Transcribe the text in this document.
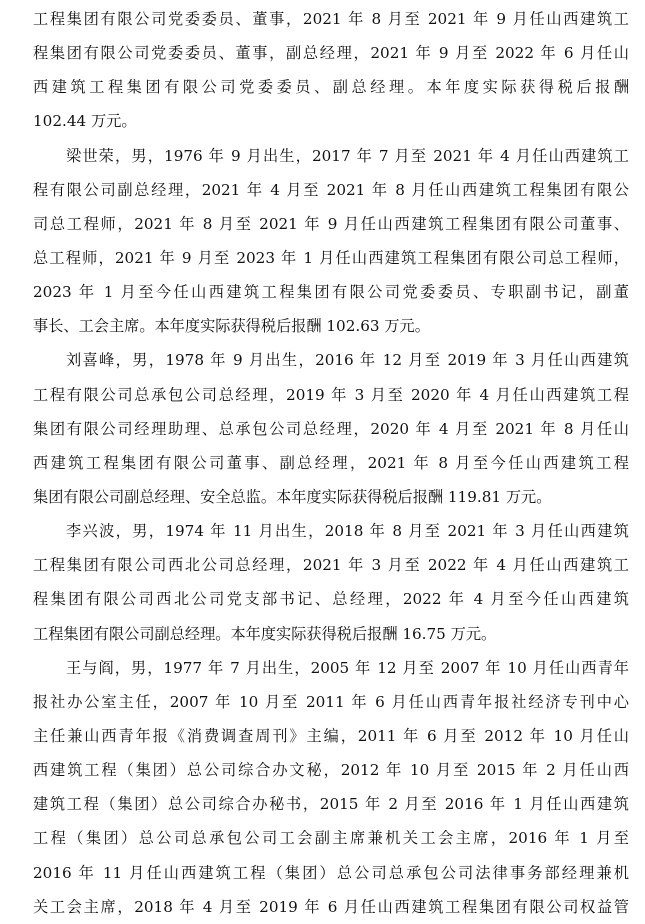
工程集团有限公司党委委员、董事，2021 年 8 月至 2021 年 9 月任山西建筑工
程集团有限公司党委委员、董事，副总经理，2021 年 9 月至 2022 年 6 月任山
西建筑工程集团有限公司党委委员、副总经理。本年度实际获得税后报酬
102.44 万元。
梁世荣，男，1976 年 9 月出生，2017 年 7 月至 2021 年 4 月任山西建筑工
程有限公司副总经理，2021 年 4 月至 2021 年 8 月任山西建筑工程集团有限公
司总工程师，2021 年 8 月至 2021 年 9 月任山西建筑工程集团有限公司董事、
总工程师，2021 年 9 月至 2023 年 1 月任山西建筑工程集团有限公司总工程师，
2023 年 1 月至今任山西建筑工程集团有限公司党委委员、专职副书记，副董
事长、工会主席。本年度实际获得税后报酬 102.63 万元。
刘喜峰，男，1978 年 9 月出生，2016 年 12 月至 2019 年 3 月任山西建筑
工程有限公司总承包公司总经理，2019 年 3 月至 2020 年 4 月任山西建筑工程
集团有限公司经理助理、总承包公司总经理，2020 年 4 月至 2021 年 8 月任山
西建筑工程集团有限公司董事、副总经理，2021 年 8 月至今任山西建筑工程
集团有限公司副总经理、安全总监。本年度实际获得税后报酬 119.81 万元。
李兴波，男，1974 年 11 月出生，2018 年 8 月至 2021 年 3 月任山西建筑
工程集团有限公司西北公司总经理，2021 年 3 月至 2022 年 4 月任山西建筑工
程集团有限公司西北公司党支部书记、总经理，2022 年 4 月至今任山西建筑
工程集团有限公司副总经理。本年度实际获得税后报酬 16.75 万元。
王与阎，男，1977 年 7 月出生，2005 年 12 月至 2007 年 10 月任山西青年
报社办公室主任，2007 年 10 月至 2011 年 6 月任山西青年报社经济专刊中心
主任兼山西青年报《消费调查周刊》主编，2011 年 6 月至 2012 年 10 月任山
西建筑工程（集团）总公司综合办文秘，2012 年 10 月至 2015 年 2 月任山西
建筑工程（集团）总公司综合办秘书，2015 年 2 月至 2016 年 1 月任山西建筑
工程（集团）总公司总承包公司工会副主席兼机关工会主席，2016 年 1 月至
2016 年 11 月任山西建筑工程（集团）总公司总承包公司法律事务部经理兼机
关工会主席，2018 年 4 月至 2019 年 6 月任山西建筑工程集团有限公司权益管
